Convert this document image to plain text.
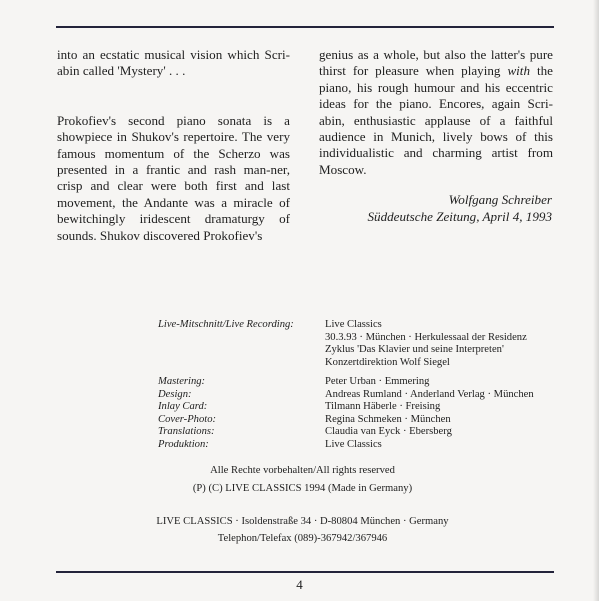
into an ecstatic musical vision which Scri-abin called 'Mystery' . . .

Prokofiev's second piano sonata is a showpiece in Shukov's repertoire. The very famous momentum of the Scherzo was presented in a frantic and rash man-ner, crisp and clear were both first and last movement, the Andante was a miracle of bewitchingly iridescent dramaturgy of sounds. Shukov discovered Prokofiev's

genius as a whole, but also the latter's pure thirst for pleasure when playing with the piano, his rough humour and his eccentric ideas for the piano. Encores, again Scri-abin, enthusiastic applause of a faithful audience in Munich, lively bows of this individualistic and charming artist from Moscow.

Wolfgang Schreiber
Süddeutsche Zeitung, April 4, 1993
Live-Mitschnitt/Live Recording:	Live Classics
30.3.93 · München · Herkulessaal der Residenz
Zyklus 'Das Klavier und seine Interpreten'
Konzertdirektion Wolf Siegel
Mastering:	Peter Urban · Emmering
Design:	Andreas Rumland · Anderland Verlag · München
Inlay Card:	Tilmann Häberle · Freising
Cover-Photo:	Regina Schmeken · München
Translations:	Claudia van Eyck · Ebersberg
Produktion:	Live Classics
Alle Rechte vorbehalten/All rights reserved
(P) (C) LIVE CLASSICS 1994 (Made in Germany)
LIVE CLASSICS · Isoldenstraße 34 · D-80804 München · Germany
Telephon/Telefax (089)-367942/367946
4
